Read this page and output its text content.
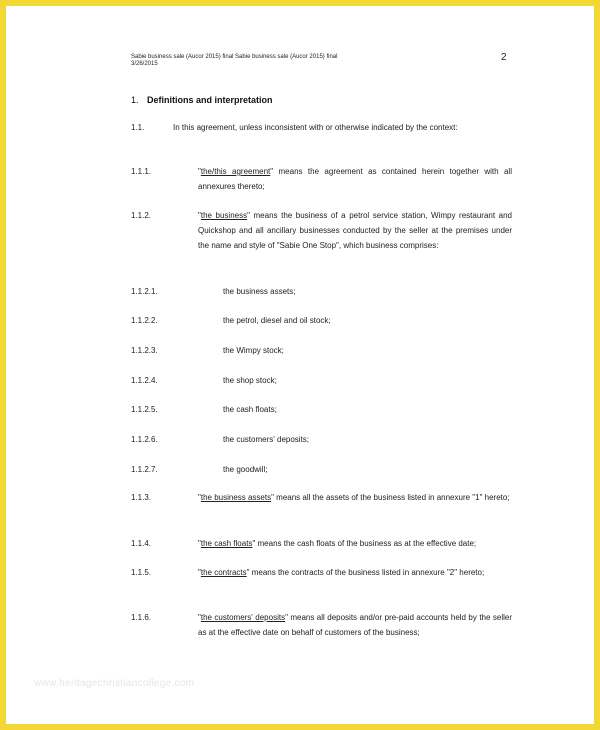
Sabie business sale (Aucor 2015) final Sabie business sale (Aucor 2015) final
3/26/2015
2
1. Definitions and interpretation
1.1.	In this agreement, unless inconsistent with or otherwise indicated by the context:
1.1.1.	"the/this agreement" means the agreement as contained herein together with all annexures thereto;
1.1.2.	"the business" means the business of a petrol service station, Wimpy restaurant and Quickshop and all ancillary businesses conducted by the seller at the premises under the name and style of "Sabie One Stop", which business comprises:
1.1.2.1.	the business assets;
1.1.2.2.	the petrol, diesel and oil stock;
1.1.2.3.	the Wimpy stock;
1.1.2.4.	the shop stock;
1.1.2.5.	the cash floats;
1.1.2.6.	the customers' deposits;
1.1.2.7.	the goodwill;
1.1.3.	"the business assets" means all the assets of the business listed in annexure "1" hereto;
1.1.4.	"the cash floats" means the cash floats of the business as at the effective date;
1.1.5.	"the contracts" means the contracts of the business listed in annexure "2" hereto;
1.1.6.	"the customers' deposits" means all deposits and/or pre-paid accounts held by the seller as at the effective date on behalf of customers of the business;
www.heritagechristiancollege.com
